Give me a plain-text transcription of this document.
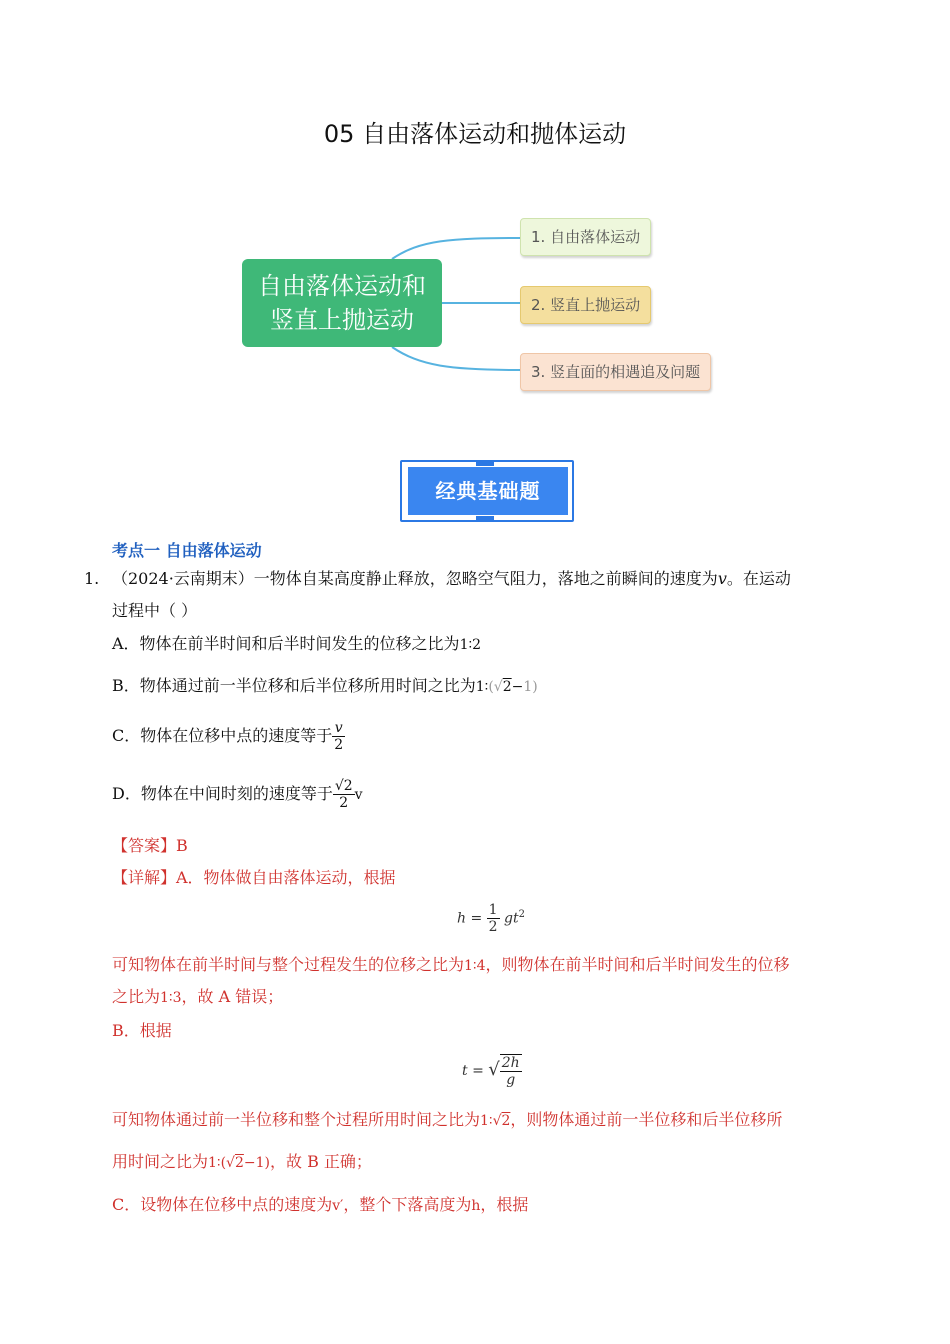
05 自由落体运动和抛体运动
自由落体运动和
竖直上抛运动
1. 自由落体运动
2. 竖直上抛运动
3. 竖直面的相遇追及问题
经典基础题
考点一 自由落体运动
1. （2024·云南期末）一物体自某高度静止释放，忽略空气阻力，落地之前瞬间的速度为v。在运动
过程中（ ）
A．物体在前半时间和后半时间发生的位移之比为1∶2
B．物体通过前一半位移和后半位移所用时间之比为1∶(√2−1)
C．物体在位移中点的速度等于 $\frac{v}{2}$
D．物体在中间时刻的速度等于 $\frac{√2}{2}$ v
【答案】B
【详解】A．物体做自由落体运动，根据
$h = \frac{1}{2} gt^2$
可知物体在前半时间与整个过程发生的位移之比为1∶4，则物体在前半时间和后半时间发生的位移
之比为1∶3，故 A 错误；
B．根据
t = √ $\frac{2h}{g}$
可知物体通过前一半位移和整个过程所用时间之比为1∶√2，则物体通过前一半位移和后半位移所
用时间之比为1∶(√2−1)，故 B 正确；
C．设物体在位移中点的速度为v′，整个下落高度为h，根据
